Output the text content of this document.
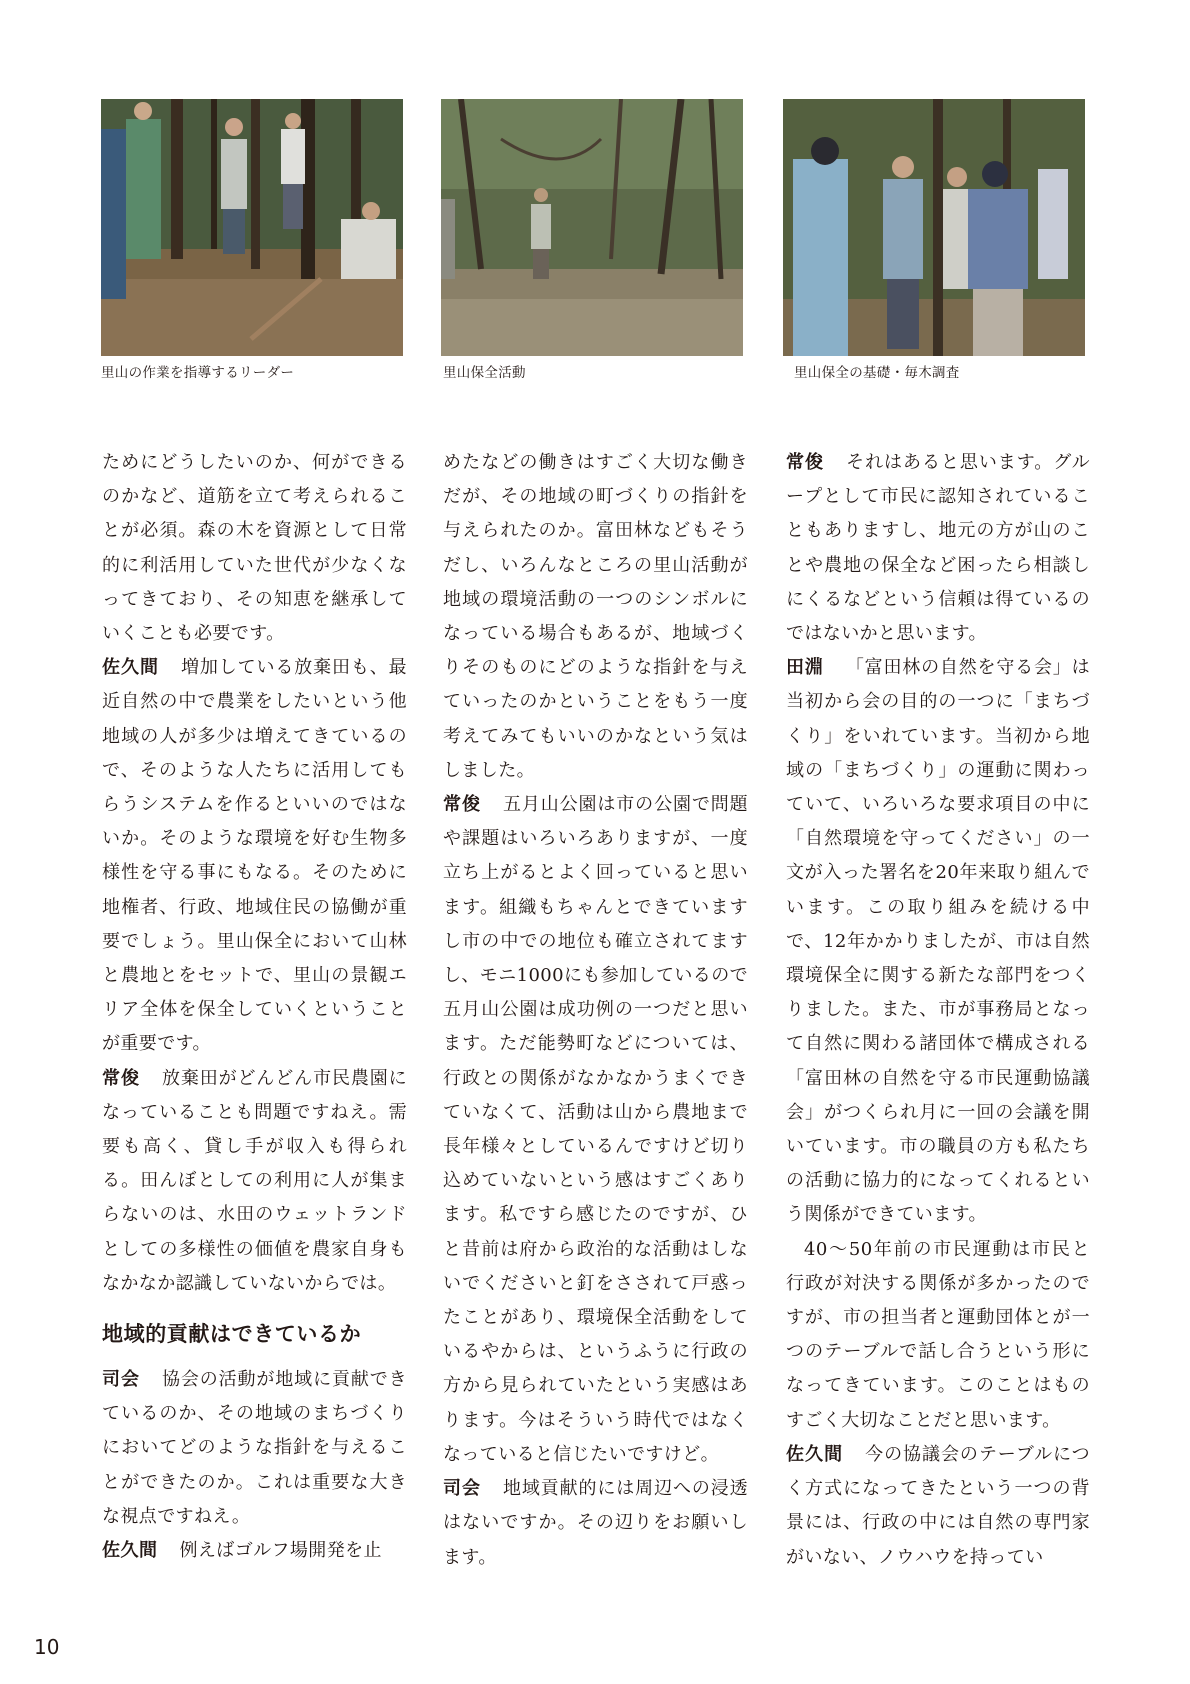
里山の作業を指導するリーダー	里山保全活動	里山保全の基礎・毎木調査

ためにどうしたいのか、何ができるのかなど、道筋を立て考えられることが必須。森の木を資源として日常的に利活用していた世代が少なくなってきており、その知恵を継承していくことも必要です。

佐久間 増加している放棄田も、最近自然の中で農業をしたいという他地域の人が多少は増えてきているので、そのような人たちに活用してもらうシステムを作るといいのではないか。そのような環境を好む生物多様性を守る事にもなる。そのために地権者、行政、地域住民の協働が重要でしょう。里山保全において山林と農地とをセットで、里山の景観エリア全体を保全していくということが重要です。

常俊 放棄田がどんどん市民農園になっていることも問題ですねえ。需要も高く、貸し手が収入も得られる。田んぼとしての利用に人が集まらないのは、水田のウェットランドとしての多様性の価値を農家自身もなかなか認識していないからでは。

地域的貢献はできているか

司会 協会の活動が地域に貢献できているのか、その地域のまちづくりにおいてどのような指針を与えることができたのか。これは重要な大きな視点ですねえ。

佐久間 例えばゴルフ場開発を止

めたなどの働きはすごく大切な働きだが、その地域の町づくりの指針を与えられたのか。富田林などもそうだし、いろんなところの里山活動が地域の環境活動の一つのシンボルになっている場合もあるが、地域づくりそのものにどのような指針を与えていったのかということをもう一度考えてみてもいいのかなという気はしました。

常俊 五月山公園は市の公園で問題や課題はいろいろありますが、一度立ち上がるとよく回っていると思います。組織もちゃんとできていますし市の中での地位も確立されてますし、モニ1000にも参加しているので五月山公園は成功例の一つだと思います。ただ能勢町などについては、行政との関係がなかなかうまくできていなくて、活動は山から農地まで長年様々としているんですけど切り込めていないという感はすごくあります。私ですら感じたのですが、ひと昔前は府から政治的な活動はしないでくださいと釘をさされて戸惑ったことがあり、環境保全活動をしているやからは、というふうに行政の方から見られていたという実感はあります。今はそういう時代ではなくなっていると信じたいですけど。

司会 地域貢献的には周辺への浸透はないですか。その辺りをお願いします。

常俊 それはあると思います。グループとして市民に認知されていることもありますし、地元の方が山のことや農地の保全など困ったら相談しにくるなどという信頼は得ているのではないかと思います。

田淵 「富田林の自然を守る会」は当初から会の目的の一つに「まちづくり」をいれています。当初から地域の「まちづくり」の運動に関わっていて、いろいろな要求項目の中に「自然環境を守ってください」の一文が入った署名を20年来取り組んでいます。この取り組みを続ける中で、12年かかりましたが、市は自然環境保全に関する新たな部門をつくりました。また、市が事務局となって自然に関わる諸団体で構成される「富田林の自然を守る市民運動協議会」がつくられ月に一回の会議を開いています。市の職員の方も私たちの活動に協力的になってくれるという関係ができています。

40〜50年前の市民運動は市民と行政が対決する関係が多かったのですが、市の担当者と運動団体とが一つのテーブルで話し合うという形になってきています。このことはものすごく大切なことだと思います。

佐久間 今の協議会のテーブルにつく方式になってきたという一つの背景には、行政の中には自然の専門家がいない、ノウハウを持ってい

10
